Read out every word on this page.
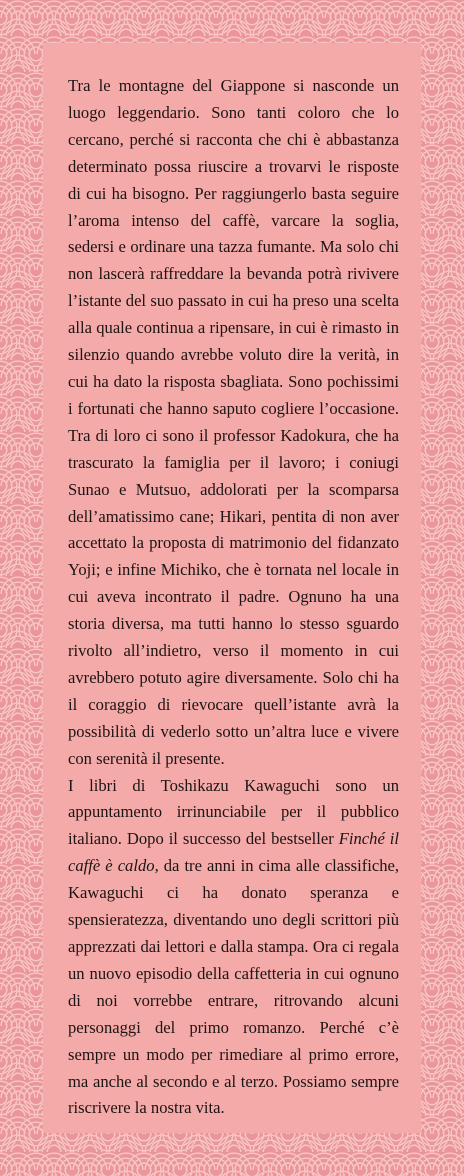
Tra le montagne del Giappone si nasconde un luogo leggendario. Sono tanti coloro che lo cercano, perché si racconta che chi è abbastanza determinato possa riuscire a trovarvi le risposte di cui ha bisogno. Per raggiungerlo basta seguire l’aroma intenso del caffè, varcare la soglia, sedersi e ordinare una tazza fumante. Ma solo chi non lascerà raffreddare la bevanda potrà rivivere l’istante del suo passato in cui ha preso una scelta alla quale continua a ripensare, in cui è rimasto in silenzio quando avrebbe voluto dire la verità, in cui ha dato la risposta sbagliata. Sono pochissimi i fortunati che hanno saputo cogliere l’occasione. Tra di loro ci sono il professor Kadokura, che ha trascurato la famiglia per il lavoro; i coniugi Sunao e Mutsuo, addolorati per la scomparsa dell’amatissimo cane; Hikari, pentita di non aver accettato la proposta di matrimonio del fidanzato Yoji; e infine Michiko, che è tornata nel locale in cui aveva incontrato il padre. Ognuno ha una storia diversa, ma tutti hanno lo stesso sguardo rivolto all’indietro, verso il momento in cui avrebbero potuto agire diversamente. Solo chi ha il coraggio di rievocare quell’istante avrà la possibilità di vederlo sotto un’altra luce e vivere con serenità il presente.

I libri di Toshikazu Kawaguchi sono un appuntamento irrinunciabile per il pubblico italiano. Dopo il successo del bestseller Finché il caffè è caldo, da tre anni in cima alle classifiche, Kawaguchi ci ha donato speranza e spensieratezza, diventando uno degli scrittori più apprezzati dai lettori e dalla stampa. Ora ci regala un nuovo episodio della caffetteria in cui ognuno di noi vorrebbe entrare, ritrovando alcuni personaggi del primo romanzo. Perché c’è sempre un modo per rimediare al primo errore, ma anche al secondo e al terzo. Possiamo sempre riscrivere la nostra vita.
